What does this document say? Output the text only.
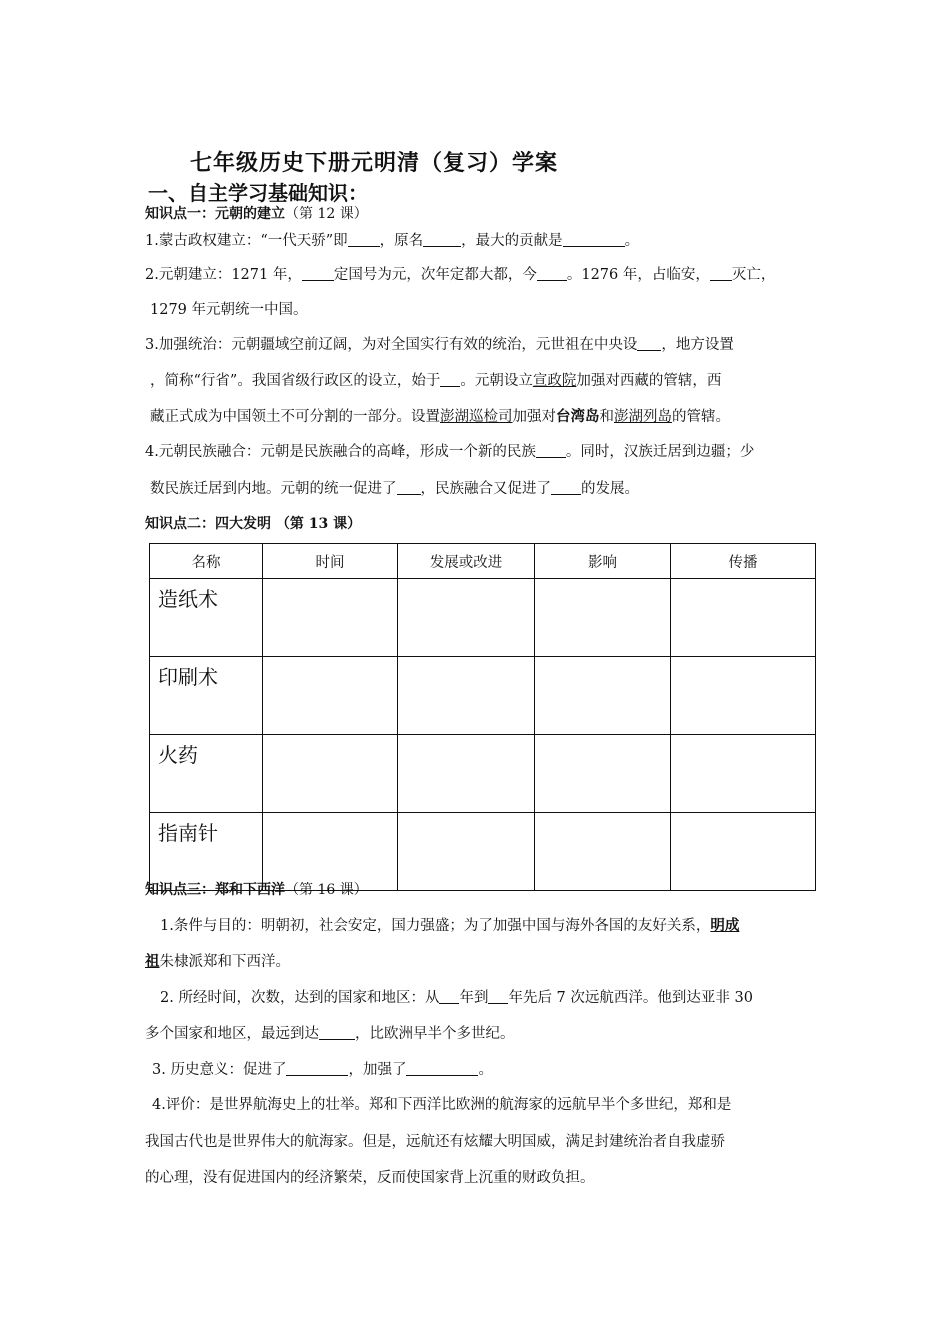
七年级历史下册元明清（复习）学案
一、自主学习基础知识：
知识点一：元朝的建立（第 12 课）
1.蒙古政权建立：“一代天骄”即 ，原名	，最大的贡献是	。
2.元朝建立：1271 年， 定国号为元，次年定都大都，今 。1276 年，占临安， 灭亡，
1279 年元朝统一中国。
3.加强统治：元朝疆域空前辽阔，为对全国实行有效的统治，元世祖在中央设 ，地方设置
，简称“行省”。我国省级行政区的设立，始于 。元朝设立宣政院加强对西藏的管辖，西
藏正式成为中国领土不可分割的一部分。设置澎湖巡检司加强对台湾岛和澎湖列岛的管辖。
4.元朝民族融合：元朝是民族融合的高峰，形成一个新的民族 。同时，汉族迁居到边疆；少
数民族迁居到内地。元朝的统一促进了 ，民族融合又促进了 的发展。
知识点二：四大发明 （第 13 课）
名称	时间	发展或改进	影响	传播
造纸术				
印刷术				
火药				
指南针				
知识点三：郑和下西洋（第 16 课）
1.条件与目的：明朝初，社会安定，国力强盛；为了加强中国与海外各国的友好关系，明成
祖朱棣派郑和下西洋。
2. 所经时间，次数，达到的国家和地区：从 年到 年先后 7 次远航西洋。他到达亚非 30
多个国家和地区，最远到达 ，比欧洲早半个多世纪。
3. 历史意义：促进了	，加强了	。
4.评价：是世界航海史上的壮举。郑和下西洋比欧洲的航海家的远航早半个多世纪，郑和是
我国古代也是世界伟大的航海家。但是，远航还有炫耀大明国威，满足封建统治者自我虚骄
的心理，没有促进国内的经济繁荣，反而使国家背上沉重的财政负担。
